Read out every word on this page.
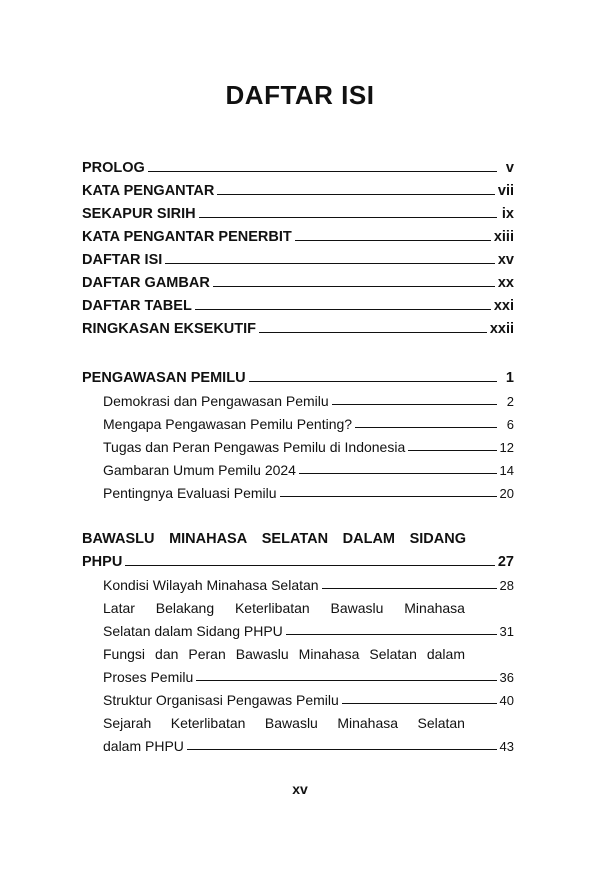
DAFTAR ISI
PROLOG	v
KATA PENGANTAR	vii
SEKAPUR SIRIH	ix
KATA PENGANTAR PENERBIT	xiii
DAFTAR ISI	xv
DAFTAR GAMBAR	xx
DAFTAR TABEL	xxi
RINGKASAN EKSEKUTIF	xxii
PENGAWASAN PEMILU	1
Demokrasi dan Pengawasan Pemilu	2
Mengapa Pengawasan Pemilu Penting?	6
Tugas dan Peran Pengawas Pemilu di Indonesia	12
Gambaran Umum Pemilu 2024	14
Pentingnya Evaluasi Pemilu	20
BAWASLU MINAHASA SELATAN DALAM SIDANG
PHPU	27
Kondisi Wilayah Minahasa Selatan	28
Latar Belakang Keterlibatan Bawaslu Minahasa
Selatan dalam Sidang PHPU	31
Fungsi dan Peran Bawaslu Minahasa Selatan dalam
Proses Pemilu	36
Struktur Organisasi Pengawas Pemilu	40
Sejarah Keterlibatan Bawaslu Minahasa Selatan
dalam PHPU	43
xv
